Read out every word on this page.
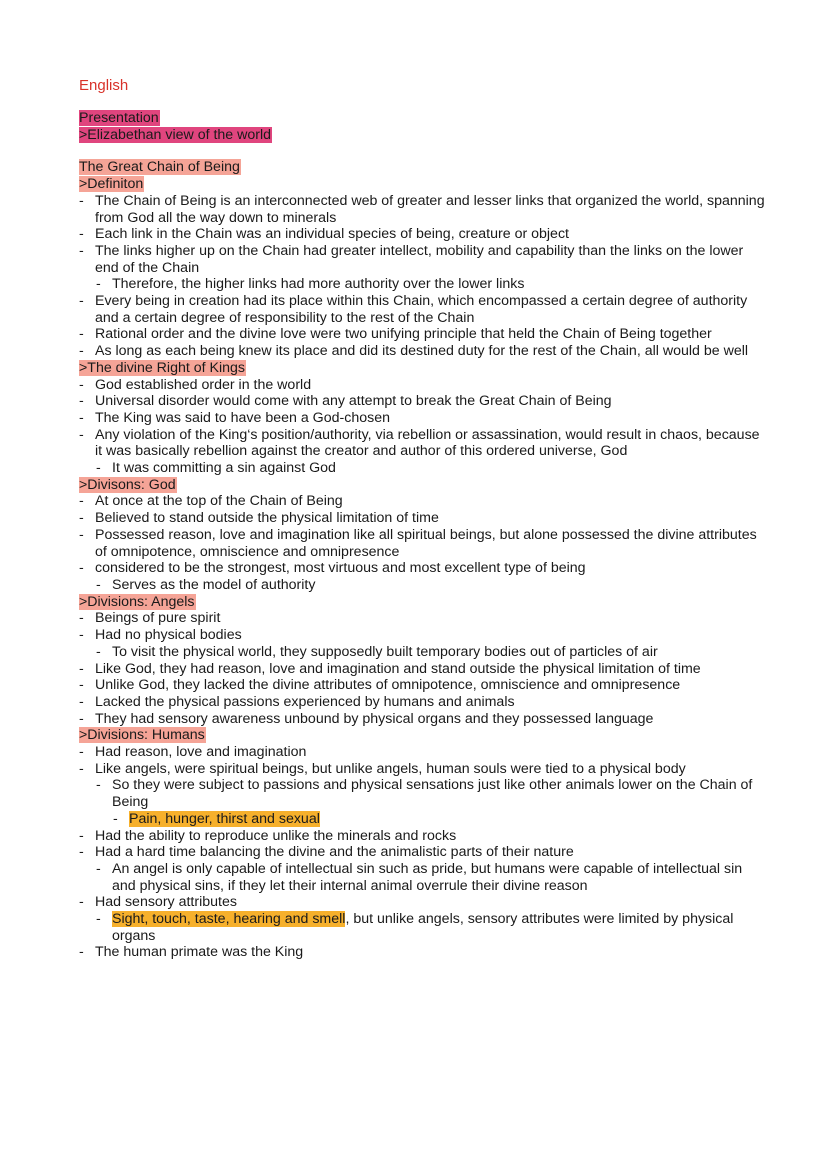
English
Presentation
>Elizabethan view of the world
The Great Chain of Being
>Definiton
- The Chain of Being is an interconnected web of greater and lesser links that organized the world, spanning from God all the way down to minerals
- Each link in the Chain was an individual species of being, creature or object
- The links higher up on the Chain had greater intellect, mobility and capability than the links on the lower end of the Chain
- Therefore, the higher links had more authority over the lower links
- Every being in creation had its place within this Chain, which encompassed a certain degree of authority and a certain degree of responsibility to the rest of the Chain
- Rational order and the divine love were two unifying principle that held the Chain of Being together
- As long as each being knew its place and did its destined duty for the rest of the Chain, all would be well
>The divine Right of Kings
- God established order in the world
- Universal disorder would come with any attempt to break the Great Chain of Being
- The King was said to have been a God-chosen
- Any violation of the King‘s position/authority, via rebellion or assassination, would result in chaos, because it was basically rebellion against the creator and author of this ordered universe, God
- It was committing a sin against God
>Divisons: God
- At once at the top of the Chain of Being
- Believed to stand outside the physical limitation of time
- Possessed reason, love and imagination like all spiritual beings, but alone possessed the divine attributes of omnipotence, omniscience and omnipresence
- considered to be the strongest, most virtuous and most excellent type of being
- Serves as the model of authority
>Divisions: Angels
- Beings of pure spirit
- Had no physical bodies
- To visit the physical world, they supposedly built temporary bodies out of particles of air
- Like God, they had reason, love and imagination and stand outside the physical limitation of time
- Unlike God, they lacked the divine attributes of omnipotence, omniscience and omnipresence
- Lacked the physical passions experienced by humans and animals
- They had sensory awareness unbound by physical organs and they possessed language
>Divisions: Humans
- Had reason, love and imagination
- Like angels, were spiritual beings, but unlike angels, human souls were tied to a physical body
- So they were subject to passions and physical sensations just like other animals lower on the Chain of Being
- Pain, hunger, thirst and sexual
- Had the ability to reproduce unlike the minerals and rocks
- Had a hard time balancing the divine and the animalistic parts of their nature
- An angel is only capable of intellectual sin such as pride, but humans were capable of intellectual sin and physical sins, if they let their internal animal overrule their divine reason
- Had sensory attributes
- Sight, touch, taste, hearing and smell, but unlike angels, sensory attributes were limited by physical organs
- The human primate was the King
